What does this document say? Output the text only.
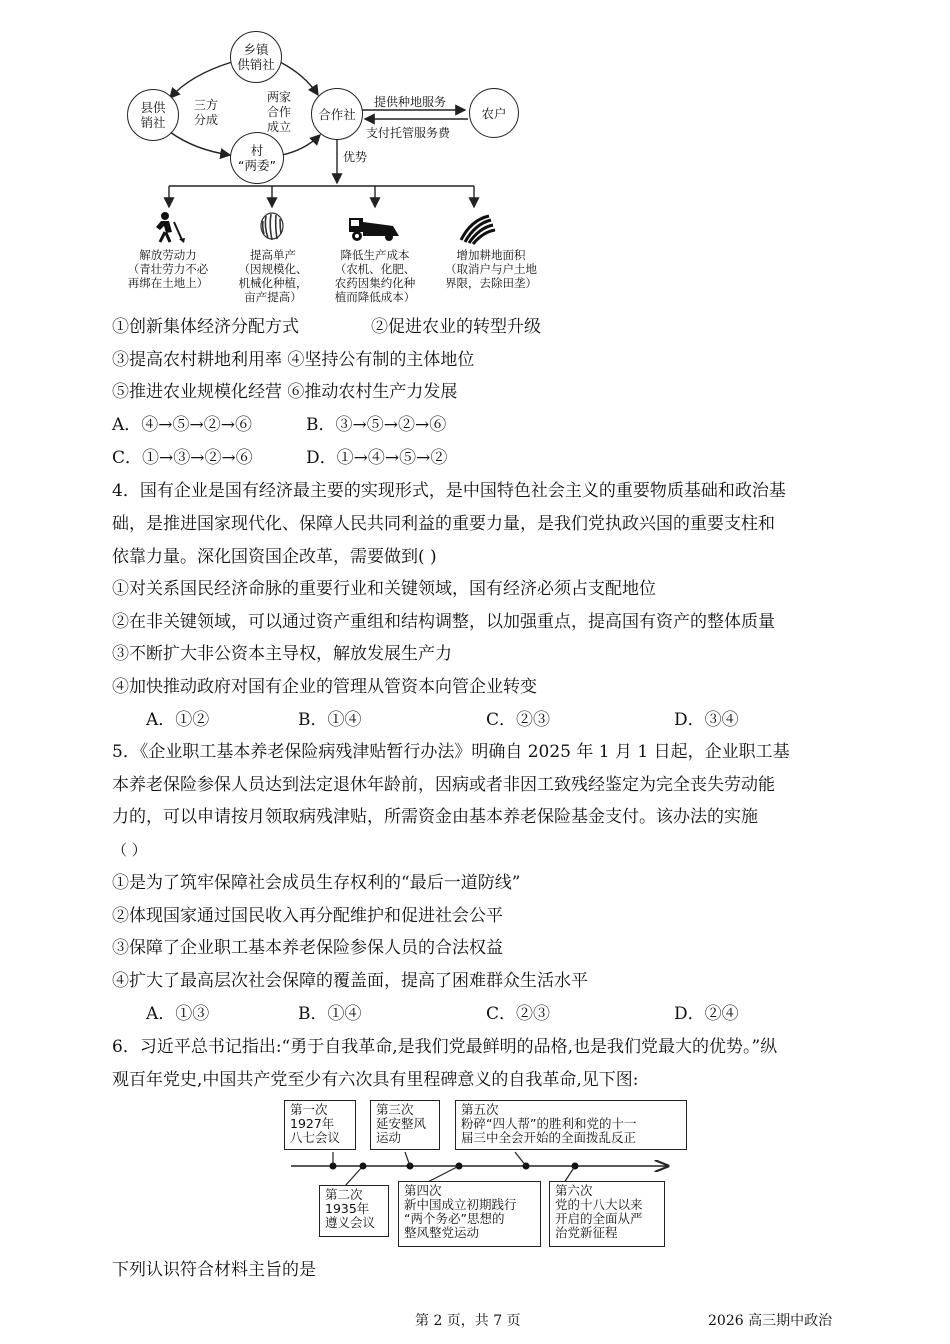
乡镇
供销社
县供
销社
村
“两委”
合作社	农户
三方
分成
两家
合作
成立
提供种地服务
支付托管服务费
优势
解放劳动力
（青壮劳力不必
再绑在土地上）
提高单产
（因规模化、
机械化种植，
亩产提高）
降低生产成本
（农机、化肥、
农药因集约化种
植而降低成本）
增加耕地面积
（取消户与户土地
界限，去除田垄）
①创新集体经济分配方式	②促进农业的转型升级
③提高农村耕地利用率 ④坚持公有制的主体地位
⑤推进农业规模化经营 ⑥推动农村生产力发展
A．④→⑤→②→⑥	B．③→⑤→②→⑥
C．①→③→②→⑥	D．①→④→⑤→②
4．国有企业是国有经济最主要的实现形式，是中国特色社会主义的重要物质基础和政治基
础，是推进国家现代化、保障人民共同利益的重要力量，是我们党执政兴国的重要支柱和
依靠力量。深化国资国企改革，需要做到( )
①对关系国民经济命脉的重要行业和关键领域，国有经济必须占支配地位
②在非关键领域，可以通过资产重组和结构调整，以加强重点，提高国有资产的整体质量
③不断扩大非公资本主导权，解放发展生产力
④加快推动政府对国有企业的管理从管资本向管企业转变
A．①②	B．①④	C．②③	D．③④
5．《企业职工基本养老保险病残津贴暂行办法》明确自 2025 年 1 月 1 日起，企业职工基
本养老保险参保人员达到法定退休年龄前，因病或者非因工致残经鉴定为完全丧失劳动能
力的，可以申请按月领取病残津贴，所需资金由基本养老保险基金支付。该办法的实施
（ ）
①是为了筑牢保障社会成员生存权利的“最后一道防线”
②体现国家通过国民收入再分配维护和促进社会公平
③保障了企业职工基本养老保险参保人员的合法权益
④扩大了最高层次社会保障的覆盖面，提高了困难群众生活水平
A．①③	B．①④	C．②③	D．②④
6．习近平总书记指出:“勇于自我革命,是我们党最鲜明的品格,也是我们党最大的优势。”纵
观百年党史,中国共产党至少有六次具有里程碑意义的自我革命,见下图:
第一次
1927年
八七会议
第三次
延安整风
运动
第五次
粉碎“四人帮”的胜利和党的十一
届三中全会开始的全面拨乱反正
第二次
1935年
遵义会议
第四次
新中国成立初期践行
“两个务必”思想的
整风整党运动
第六次
党的十八大以来
开启的全面从严
治党新征程
下列认识符合材料主旨的是
第 2 页，共 7 页	2026 高三期中政治
